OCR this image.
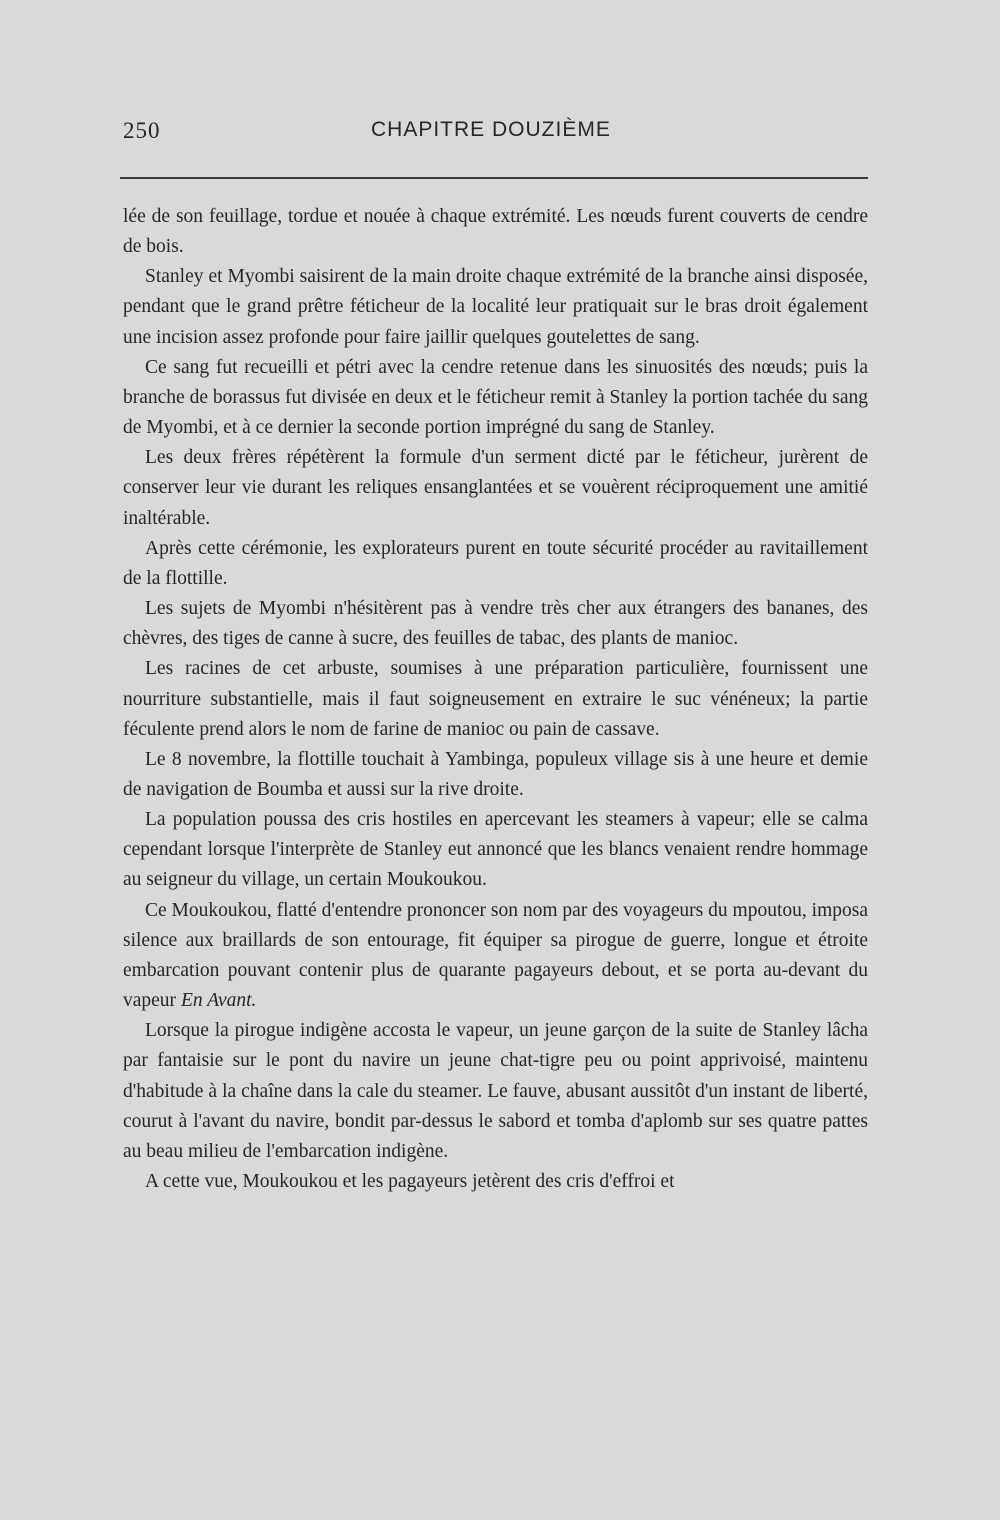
250	CHAPITRE DOUZIÈME

lée de son feuillage, tordue et nouée à chaque extrémité. Les nœuds furent couverts de cendre de bois.

Stanley et Myombi saisirent de la main droite chaque extrémité de la branche ainsi disposée, pendant que le grand prêtre féticheur de la localité leur pratiquait sur le bras droit également une incision assez profonde pour faire jaillir quelques goutelettes de sang.

Ce sang fut recueilli et pétri avec la cendre retenue dans les sinuosités des nœuds; puis la branche de borassus fut divisée en deux et le féticheur remit à Stanley la portion tachée du sang de Myombi, et à ce dernier la seconde portion imprégné du sang de Stanley.

Les deux frères répétèrent la formule d'un serment dicté par le féticheur, jurèrent de conserver leur vie durant les reliques ensanglantées et se vouèrent réciproquement une amitié inaltérable.

Après cette cérémonie, les explorateurs purent en toute sécurité procéder au ravitaillement de la flottille.

Les sujets de Myombi n'hésitèrent pas à vendre très cher aux étrangers des bananes, des chèvres, des tiges de canne à sucre, des feuilles de tabac, des plants de manioc.

Les racines de cet arbuste, soumises à une préparation particulière, fournissent une nourriture substantielle, mais il faut soigneusement en extraire le suc vénéneux; la partie féculente prend alors le nom de farine de manioc ou pain de cassave.

Le 8 novembre, la flottille touchait à Yambinga, populeux village sis à une heure et demie de navigation de Boumba et aussi sur la rive droite.

La population poussa des cris hostiles en apercevant les steamers à vapeur; elle se calma cependant lorsque l'interprète de Stanley eut annoncé que les blancs venaient rendre hommage au seigneur du village, un certain Moukoukou.

Ce Moukoukou, flatté d'entendre prononcer son nom par des voyageurs du mpoutou, imposa silence aux braillards de son entourage, fit équiper sa pirogue de guerre, longue et étroite embarcation pouvant contenir plus de quarante pagayeurs debout, et se porta au-devant du vapeur En Avant.

Lorsque la pirogue indigène accosta le vapeur, un jeune garçon de la suite de Stanley lâcha par fantaisie sur le pont du navire un jeune chat-tigre peu ou point apprivoisé, maintenu d'habitude à la chaîne dans la cale du steamer. Le fauve, abusant aussitôt d'un instant de liberté, courut à l'avant du navire, bondit par-dessus le sabord et tomba d'aplomb sur ses quatre pattes au beau milieu de l'embarcation indigène.

A cette vue, Moukoukou et les pagayeurs jetèrent des cris d'effroi et
